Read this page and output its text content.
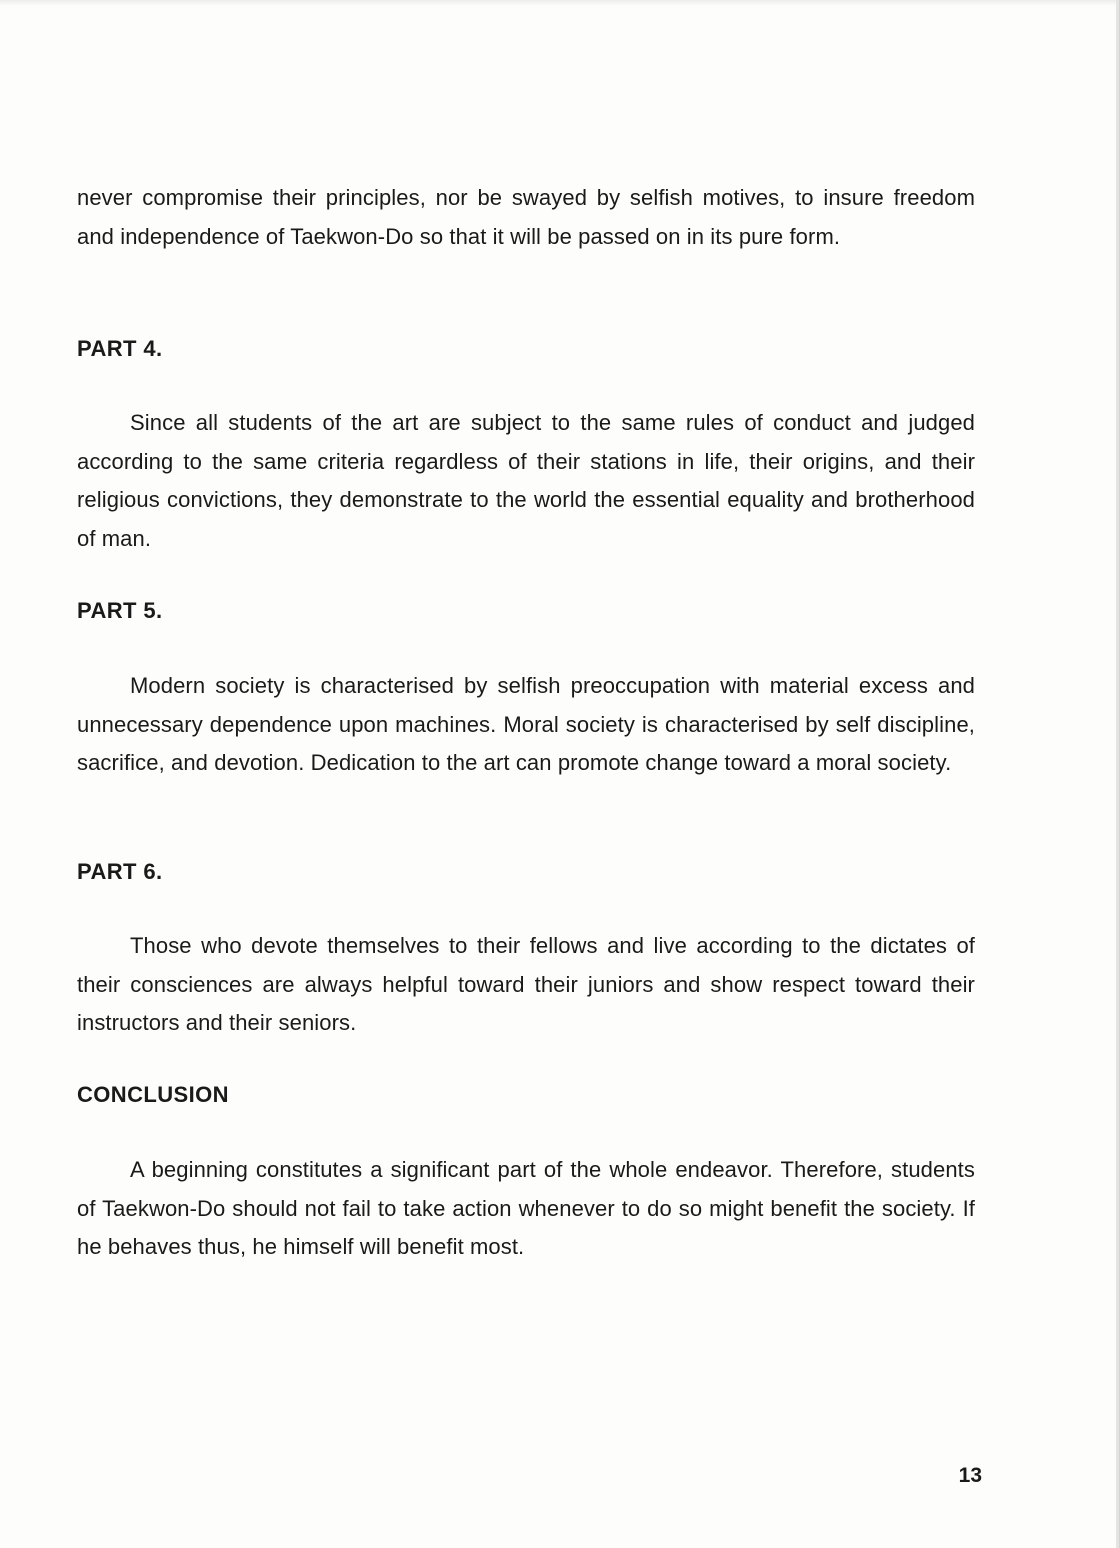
never compromise their principles, nor be swayed by selfish motives, to insure freedom and independence of Taekwon-Do so that it will be passed on in its pure form.

PART 4.

Since all students of the art are subject to the same rules of conduct and judged according to the same criteria regardless of their stations in life, their origins, and their religious convictions, they demonstrate to the world the essential equality and brotherhood of man.

PART 5.

Modern society is characterised by selfish preoccupation with material excess and unnecessary dependence upon machines. Moral society is characterised by self discipline, sacrifice, and devotion. Dedication to the art can promote change toward a moral society.

PART 6.

Those who devote themselves to their fellows and live according to the dictates of their consciences are always helpful toward their juniors and show respect toward their instructors and their seniors.

CONCLUSION

A beginning constitutes a significant part of the whole endeavor. Therefore, students of Taekwon-Do should not fail to take action whenever to do so might benefit the society. If he behaves thus, he himself will benefit most.

13
